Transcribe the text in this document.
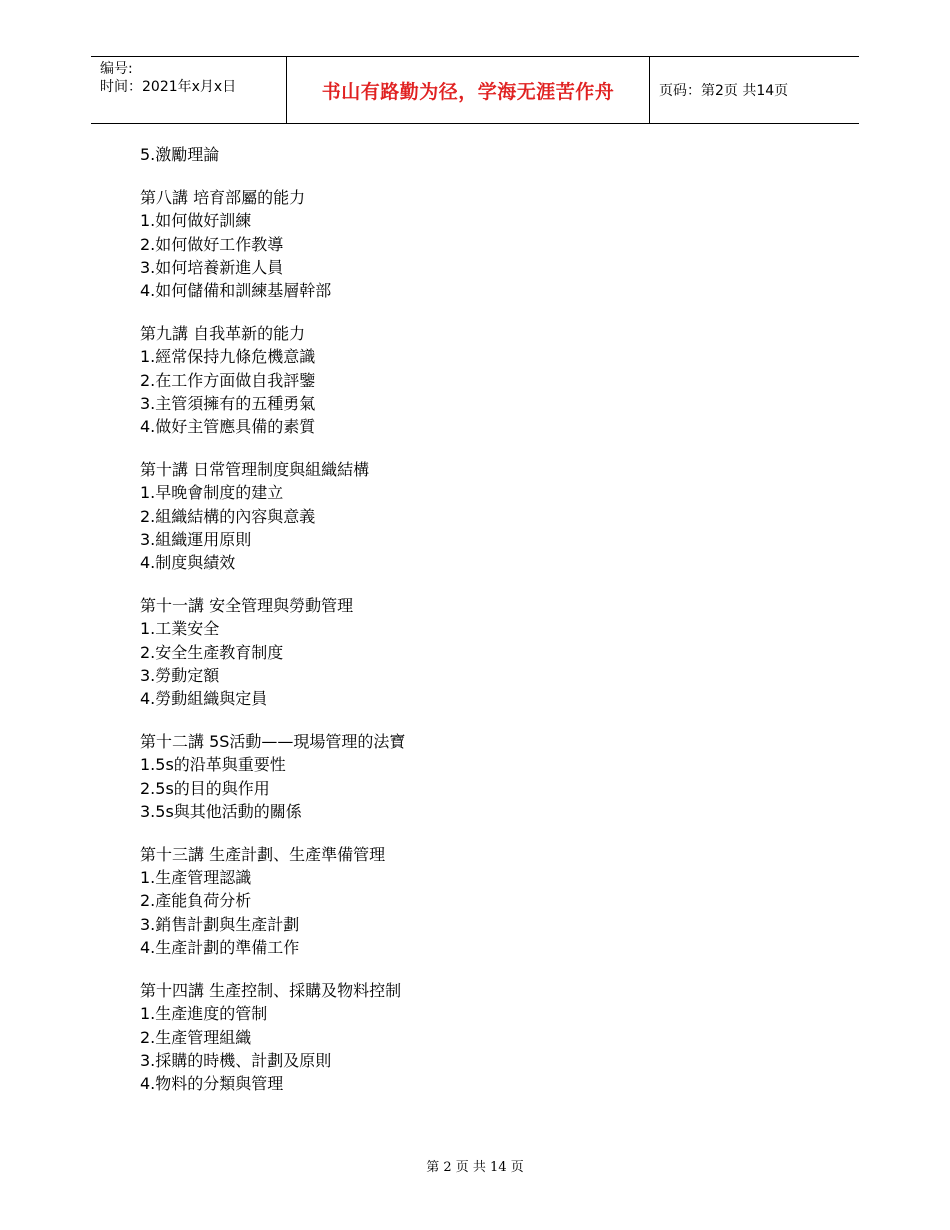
编号:
时间：2021年x月x日	书山有路勤为径，学海无涯苦作舟	页码：第2页 共14页

5.激勵理論

第八講 培育部屬的能力

1.如何做好訓練

2.如何做好工作教導

3.如何培養新進人員

4.如何儲備和訓練基層幹部

第九講 自我革新的能力

1.經常保持九條危機意識

2.在工作方面做自我評鑒

3.主管須擁有的五種勇氣

4.做好主管應具備的素質

第十講 日常管理制度與組織結構

1.早晚會制度的建立

2.組織結構的內容與意義

3.組織運用原則

4.制度與績效

第十一講 安全管理與勞動管理

1.工業安全

2.安全生產教育制度

3.勞動定額

4.勞動組織與定員

第十二講 5S活動——現場管理的法寶

1.5s的沿革與重要性

2.5s的目的與作用

3.5s與其他活動的關係

第十三講 生產計劃、生產準備管理

1.生產管理認識

2.產能負荷分析

3.銷售計劃與生產計劃

4.生產計劃的準備工作

第十四講 生產控制、採購及物料控制

1.生產進度的管制

2.生產管理組織

3.採購的時機、計劃及原則

4.物料的分類與管理

第 2 页 共 14 页
